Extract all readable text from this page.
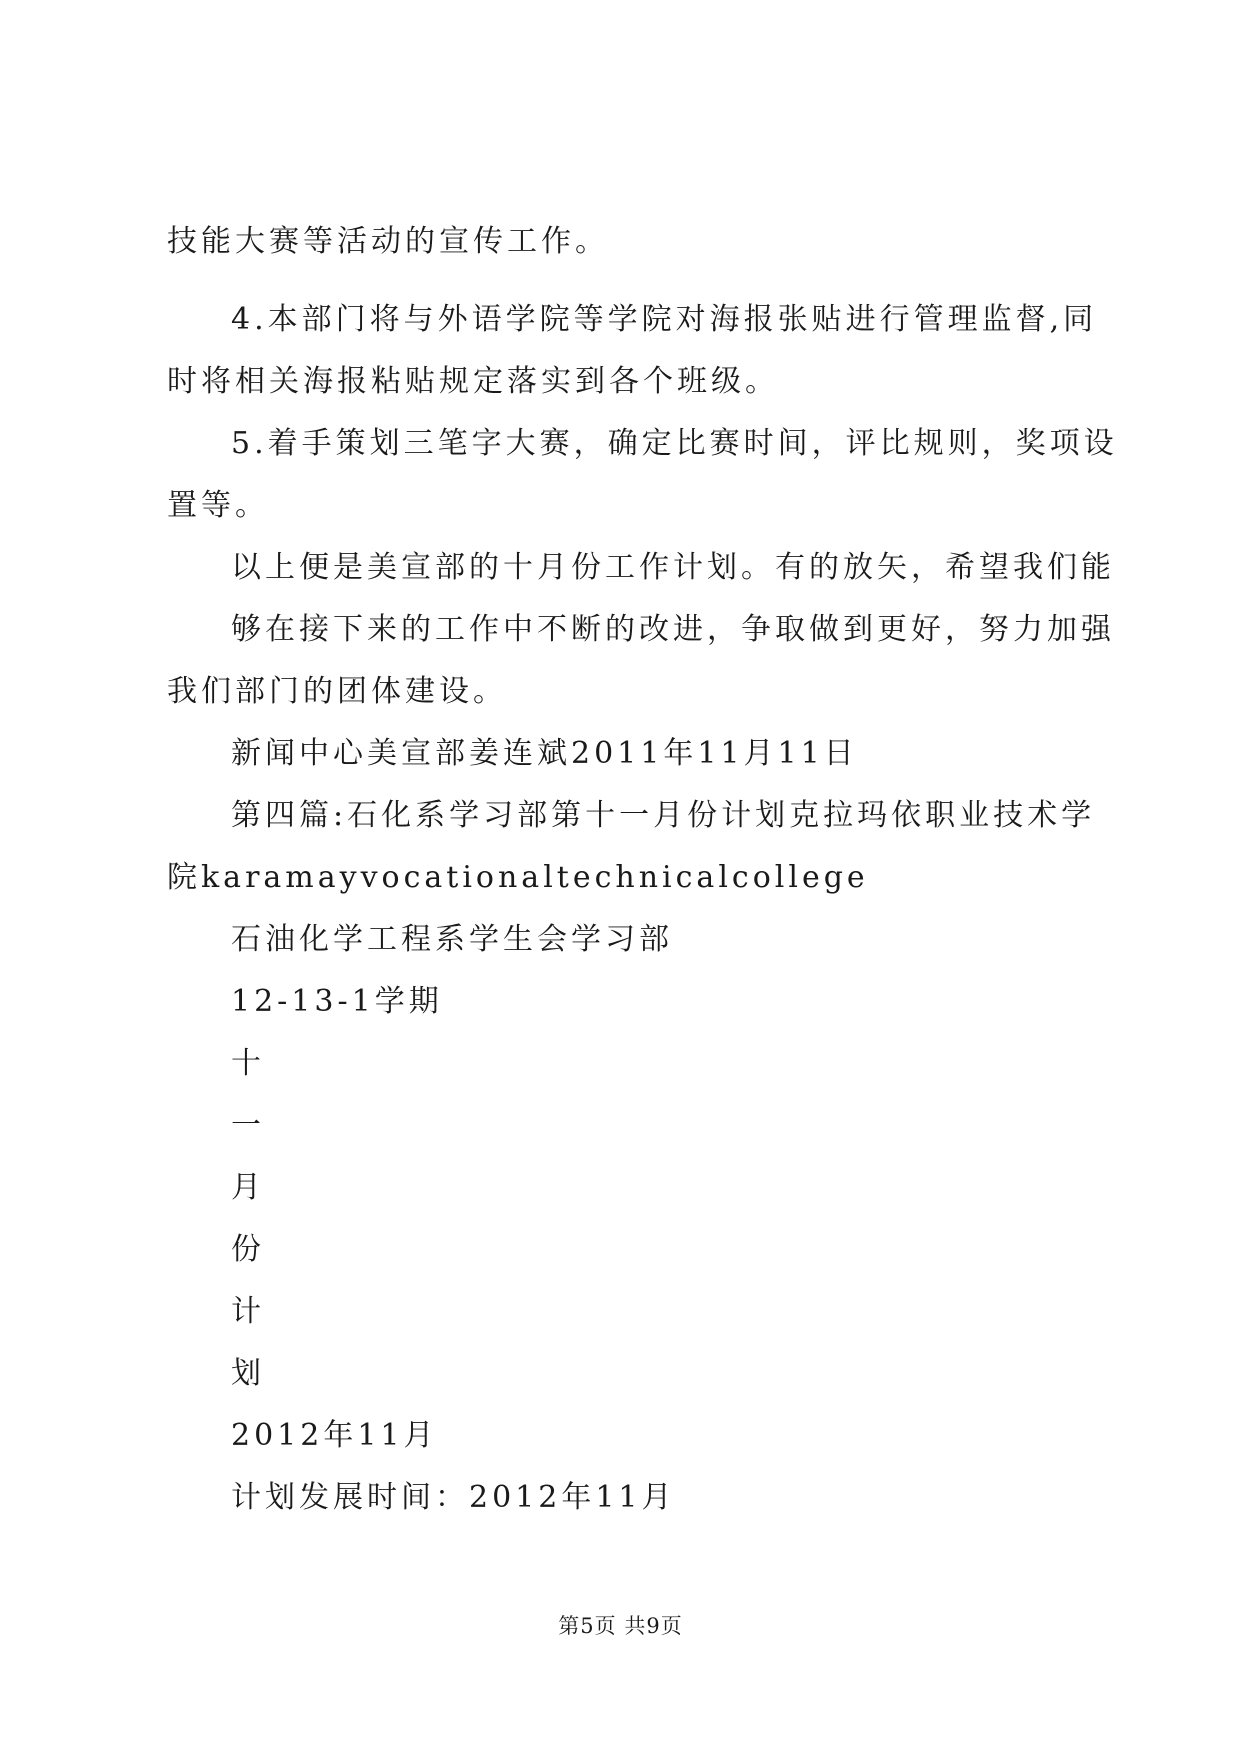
技能大赛等活动的宣传工作。
4.本部门将与外语学院等学院对海报张贴进行管理监督,同
时将相关海报粘贴规定落实到各个班级。
5.着手策划三笔字大赛，确定比赛时间，评比规则，奖项设
置等。
以上便是美宣部的十月份工作计划。有的放矢，希望我们能
够在接下来的工作中不断的改进，争取做到更好，努力加强
我们部门的团体建设。
新闻中心美宣部姜连斌2011年11月11日
第四篇:石化系学习部第十一月份计划克拉玛依职业技术学
院karamayvocationaltechnicalcollege
石油化学工程系学生会学习部
12-13-1学期
十
一
月
份
计
划
2012年11月
计划发展时间：2012年11月
第5页 共9页
